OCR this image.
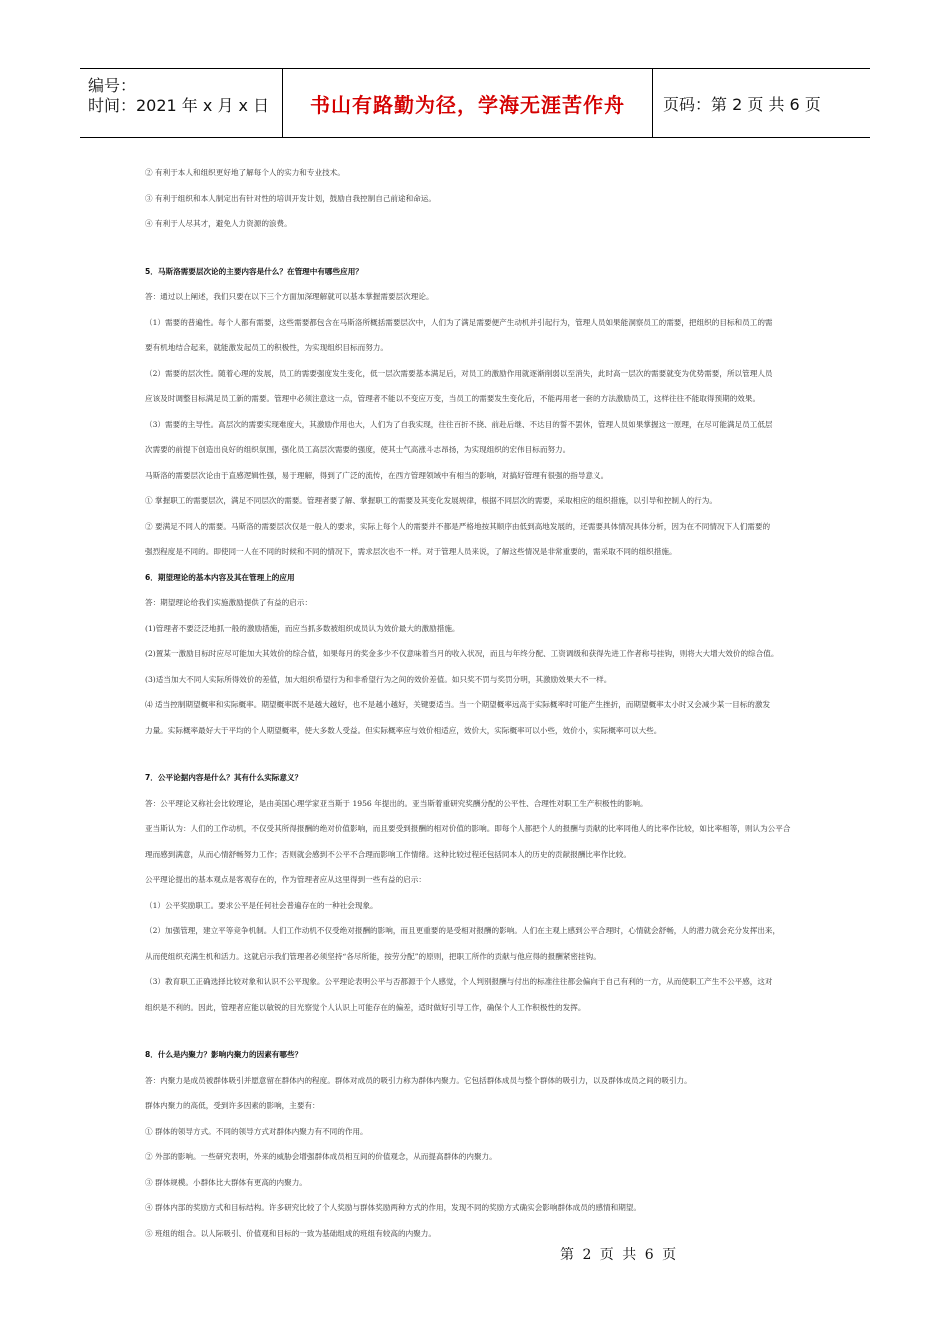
编号：
时间：2021 年 x 月 x 日 书山有路勤为径，学海无涯苦作舟 页码：第 2 页 共 6 页

② 有利于本人和组织更好地了解每个人的实力和专业技术。

③ 有利于组织和本人制定出有针对性的培训开发计划，鼓励自我控制自己前途和命运。

④ 有利于人尽其才，避免人力资源的浪费。

5．马斯洛需要层次论的主要内容是什么？在管理中有哪些应用？

答：通过以上阐述，我们只要在以下三个方面加深理解就可以基本掌握需要层次理论。

（1）需要的普遍性。每个人都有需要，这些需要都包含在马斯洛所概括需要层次中，人们为了满足需要便产生动机并引起行为，管理人员如果能洞察员工的需要，把组织的目标和员工的需

要有机地结合起来，就能激发起员工的积极性，为实现组织目标而努力。

（2）需要的层次性。随着心理的发展，员工的需要强度发生变化，低一层次需要基本满足后，对员工的激励作用就逐渐削弱以至消失，此时高一层次的需要就变为优势需要，所以管理人员

应该及时调整目标满足员工新的需要。管理中必须注意这一点，管理者不能以不变应万变，当员工的需要发生变化后，不能再用老一套的方法激励员工，这样往往不能取得预期的效果。

（3）需要的主导性。高层次的需要实现难度大，其激励作用也大，人们为了自我实现，往往百折不挠、前赴后继、不达目的誓不罢休，管理人员如果掌握这一原理，在尽可能满足员工低层

次需要的前提下创造出良好的组织氛围，强化员工高层次需要的强度，使其士气高涨斗志昂扬，为实现组织的宏伟目标而努力。

马斯洛的需要层次论由于直感逻辑性强，易于理解，得到了广泛的流传，在西方管理领域中有相当的影响，对搞好管理有很强的指导意义。

① 掌握职工的需要层次，满足不同层次的需要。管理者要了解、掌握职工的需要及其变化发展规律，根据不同层次的需要，采取相应的组织措施，以引导和控制人的行为。

② 要满足不同人的需要。马斯洛的需要层次仅是一般人的要求，实际上每个人的需要并不都是严格地按其顺序由低到高地发展的，还需要具体情况具体分析，因为在不同情况下人们需要的

强烈程度是不同的。即使同一人在不同的时候和不同的情况下，需求层次也不一样。对于管理人员来说，了解这些情况是非常重要的，需采取不同的组织措施。

6．期望理论的基本内容及其在管理上的应用

答：期望理论给我们实施激励提供了有益的启示：

(1)管理者不要泛泛地抓一般的激励措施，而应当抓多数被组织成员认为效价最大的激励措施。

(2)置某一激励目标时应尽可能加大其效价的综合值，如果每月的奖金多少不仅意味着当月的收入状况，而且与年终分配、工资调级和获得先进工作者称号挂钩，则将大大增大效价的综合值。

(3)适当加大不同人实际所得效价的差值，加大组织希望行为和非希望行为之间的效价差值。如只奖不罚与奖罚分明，其激励效果大不一样。

⑷ 适当控制期望概率和实际概率。期望概率既不是越大越好，也不是越小越好，关键要适当。当一个期望概率远高于实际概率时可能产生挫折，而期望概率太小时又会减少某一目标的激发

力量。实际概率最好大于平均的个人期望概率，使大多数人受益。但实际概率应与效价相适应，效价大，实际概率可以小些，效价小，实际概率可以大些。

7．公平论据内容是什么？其有什么实际意义？

答：公平理论又称社会比较理论，是由美国心理学家亚当斯于 1956 年提出的。亚当斯着重研究奖酬分配的公平性、合理性对职工生产积极性的影响。

亚当斯认为：人们的工作动机，不仅受其所得报酬的绝对价值影响，而且要受到报酬的相对价值的影响。即每个人都把个人的报酬与贡献的比率同他人的比率作比较，如比率相等，则认为公平合

理而感到满意，从而心情舒畅努力工作；否则就会感到不公平不合理而影响工作情绪。这种比较过程还包括同本人的历史的贡献报酬比率作比较。

公平理论提出的基本观点是客观存在的，作为管理者应从这里得到一些有益的启示：

（1）公平奖励职工。要求公平是任何社会普遍存在的一种社会现象。

（2）加强管理，建立平等竞争机制。人们工作动机不仅受绝对报酬的影响，而且更重要的是受相对报酬的影响。人们在主观上感到公平合理时，心情就会舒畅，人的潜力就会充分发挥出来，

从而使组织充满生机和活力。这就启示我们管理者必须坚持“各尽所能，按劳分配”的原则，把职工所作的贡献与他应得的报酬紧密挂钩。

（3）教育职工正确选择比较对象和认识不公平现象。公平理论表明公平与否都源于个人感觉，个人判别报酬与付出的标准往往都会偏向于自己有利的一方，从而使职工产生不公平感，这对

组织是不利的。因此，管理者应能以敏锐的目光察觉个人认识上可能存在的偏差，适时做好引导工作，确保个人工作积极性的发挥。

8．什么是内聚力？影响内聚力的因素有哪些？

答：内聚力是成员被群体吸引并愿意留在群体内的程度。群体对成员的吸引力称为群体内聚力。它包括群体成员与整个群体的吸引力，以及群体成员之间的吸引力。

群体内聚力的高低，受到许多因素的影响，主要有：

① 群体的领导方式。不同的领导方式对群体内聚力有不同的作用。

② 外部的影响。一些研究表明，外来的威胁会增强群体成员相互间的价值观念，从而提高群体的内聚力。

③ 群体规模。小群体比大群体有更高的内聚力。

④ 群体内部的奖励方式和目标结构。许多研究比较了个人奖励与群体奖励两种方式的作用，发现不同的奖励方式确实会影响群体成员的感情和期望。

⑤ 班组的组合。以人际吸引、价值观和目标的一致为基础组成的班组有较高的内聚力。

第 2 页 共 6 页
